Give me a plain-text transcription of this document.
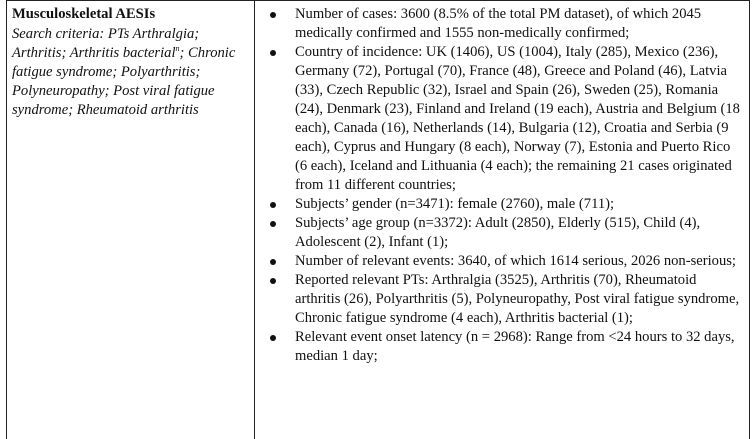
Musculoskeletal AESIs
Search criteria: PTs Arthralgia; Arthritis; Arthritis bacterial$^n$; Chronic fatigue syndrome; Polyarthritis; Polyneuropathy; Post viral fatigue syndrome; Rheumatoid arthritis
Number of cases: 3600 (8.5% of the total PM dataset), of which 2045 medically confirmed and 1555 non-medically confirmed;
Country of incidence: UK (1406), US (1004), Italy (285), Mexico (236), Germany (72), Portugal (70), France (48), Greece and Poland (46), Latvia (33), Czech Republic (32), Israel and Spain (26), Sweden (25), Romania (24), Denmark (23), Finland and Ireland (19 each), Austria and Belgium (18 each), Canada (16), Netherlands (14), Bulgaria (12), Croatia and Serbia (9 each), Cyprus and Hungary (8 each), Norway (7), Estonia and Puerto Rico (6 each), Iceland and Lithuania (4 each); the remaining 21 cases originated from 11 different countries;
Subjects’ gender (n=3471): female (2760), male (711);
Subjects’ age group (n=3372): Adult (2850), Elderly (515), Child (4), Adolescent (2), Infant (1);
Number of relevant events: 3640, of which 1614 serious, 2026 non-serious;
Reported relevant PTs: Arthralgia (3525), Arthritis (70), Rheumatoid arthritis (26), Polyarthritis (5), Polyneuropathy, Post viral fatigue syndrome, Chronic fatigue syndrome (4 each), Arthritis bacterial (1);
Relevant event onset latency (n = 2968): Range from <24 hours to 32 days, median 1 day;
